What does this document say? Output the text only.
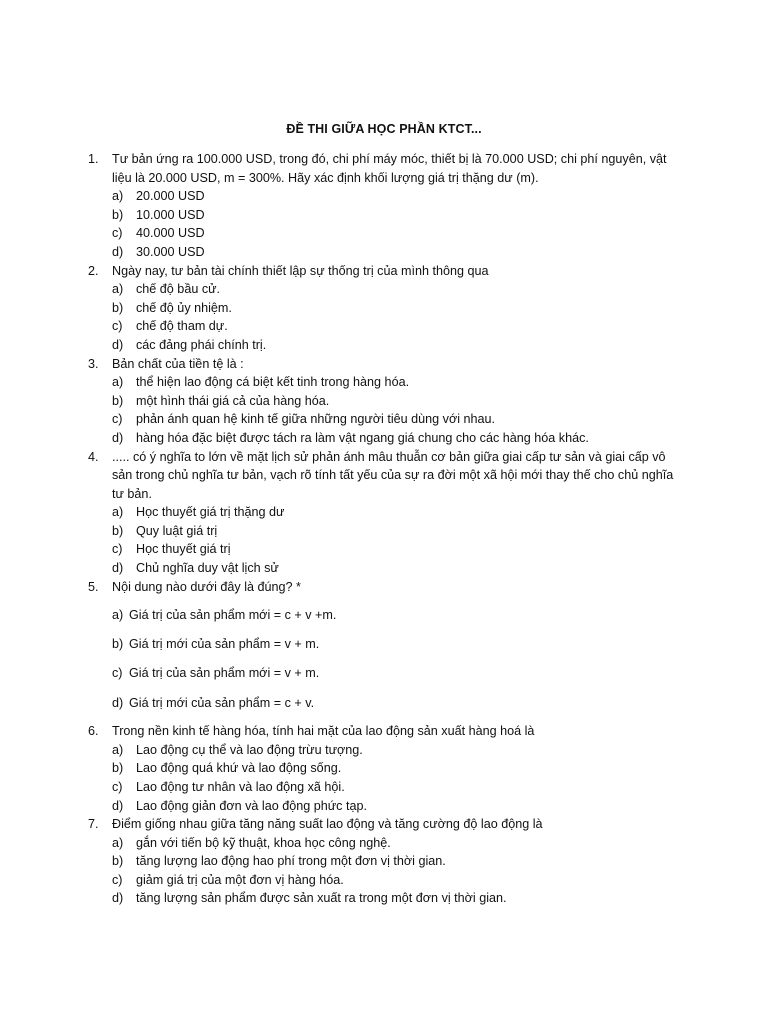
ĐỀ THI GIỮA HỌC PHẦN KTCT...
1. Tư bản ứng ra 100.000 USD, trong đó, chi phí máy móc, thiết bị là 70.000 USD; chi phí nguyên, vật liệu là 20.000 USD, m = 300%. Hãy xác định khối lượng giá trị thặng dư (m).
a) 20.000 USD
b) 10.000 USD
c) 40.000 USD
d) 30.000 USD
2. Ngày nay, tư bản tài chính thiết lập sự thống trị của mình thông qua
a) chế độ bầu cử.
b) chế độ ủy nhiệm.
c) chế độ tham dự.
d) các đảng phái chính trị.
3. Bản chất của tiền tệ là :
a) thể hiện lao động cá biệt kết tinh trong hàng hóa.
b) một hình thái giá cả của hàng hóa.
c) phản ánh quan hệ kinh tế giữa những người tiêu dùng với nhau.
d) hàng hóa đặc biệt được tách ra làm vật ngang giá chung cho các hàng hóa khác.
4. ..... có ý nghĩa to lớn về mặt lịch sử phản ánh mâu thuẫn cơ bản giữa giai cấp tư sản và giai cấp vô sản trong chủ nghĩa tư bản, vạch rõ tính tất yếu của sự ra đời một xã hội mới thay thế cho chủ nghĩa tư bản.
a) Học thuyết giá trị thặng dư
b) Quy luật giá trị
c) Học thuyết giá trị
d) Chủ nghĩa duy vật lịch sử
5. Nội dung nào dưới đây là đúng? *
a) Giá trị của sản phẩm mới = c + v +m.
b) Giá trị mới của sản phẩm = v + m.
c) Giá trị của sản phẩm mới = v + m.
d) Giá trị mới của sản phẩm = c + v.
6. Trong nền kinh tế hàng hóa, tính hai mặt của lao động sản xuất hàng hoá là
a) Lao động cụ thể và lao động trừu tượng.
b) Lao động quá khứ và lao động sống.
c) Lao động tư nhân và lao động xã hội.
d) Lao động giản đơn và lao động phức tạp.
7. Điểm giống nhau giữa tăng năng suất lao động và tăng cường độ lao động là
a) gắn với tiến bộ kỹ thuật, khoa học công nghệ.
b) tăng lượng lao động hao phí trong một đơn vị thời gian.
c) giảm giá trị của một đơn vị hàng hóa.
d) tăng lượng sản phẩm được sản xuất ra trong một đơn vị thời gian.
